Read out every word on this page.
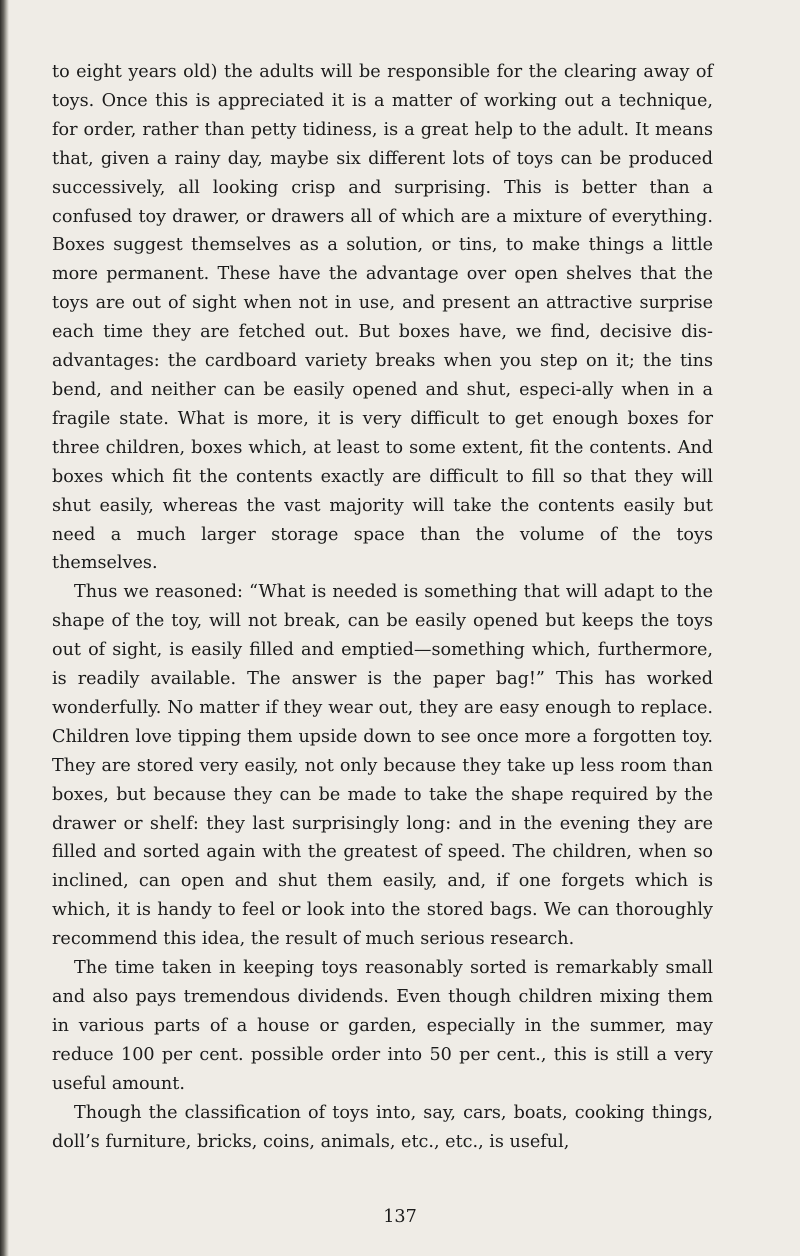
to eight years old) the adults will be responsible for the clearing away of toys. Once this is appreciated it is a matter of working out a technique, for order, rather than petty tidiness, is a great help to the adult. It means that, given a rainy day, maybe six different lots of toys can be produced successively, all looking crisp and surprising. This is better than a confused toy drawer, or drawers all of which are a mixture of everything. Boxes suggest themselves as a solution, or tins, to make things a little more permanent. These have the advantage over open shelves that the toys are out of sight when not in use, and present an attractive surprise each time they are fetched out. But boxes have, we find, decisive dis-advantages: the cardboard variety breaks when you step on it; the tins bend, and neither can be easily opened and shut, especi-ally when in a fragile state. What is more, it is very difficult to get enough boxes for three children, boxes which, at least to some extent, fit the contents. And boxes which fit the contents exactly are difficult to fill so that they will shut easily, whereas the vast majority will take the contents easily but need a much larger storage space than the volume of the toys themselves.

Thus we reasoned: “What is needed is something that will adapt to the shape of the toy, will not break, can be easily opened but keeps the toys out of sight, is easily filled and emptied—something which, furthermore, is readily available. The answer is the paper bag!” This has worked wonderfully. No matter if they wear out, they are easy enough to replace. Children love tipping them upside down to see once more a forgotten toy. They are stored very easily, not only because they take up less room than boxes, but because they can be made to take the shape required by the drawer or shelf: they last surprisingly long: and in the evening they are filled and sorted again with the greatest of speed. The children, when so inclined, can open and shut them easily, and, if one forgets which is which, it is handy to feel or look into the stored bags. We can thoroughly recommend this idea, the result of much serious research.

The time taken in keeping toys reasonably sorted is remarkably small and also pays tremendous dividends. Even though children mixing them in various parts of a house or garden, especially in the summer, may reduce 100 per cent. possible order into 50 per cent., this is still a very useful amount.

Though the classification of toys into, say, cars, boats, cooking things, doll’s furniture, bricks, coins, animals, etc., etc., is useful,

137
